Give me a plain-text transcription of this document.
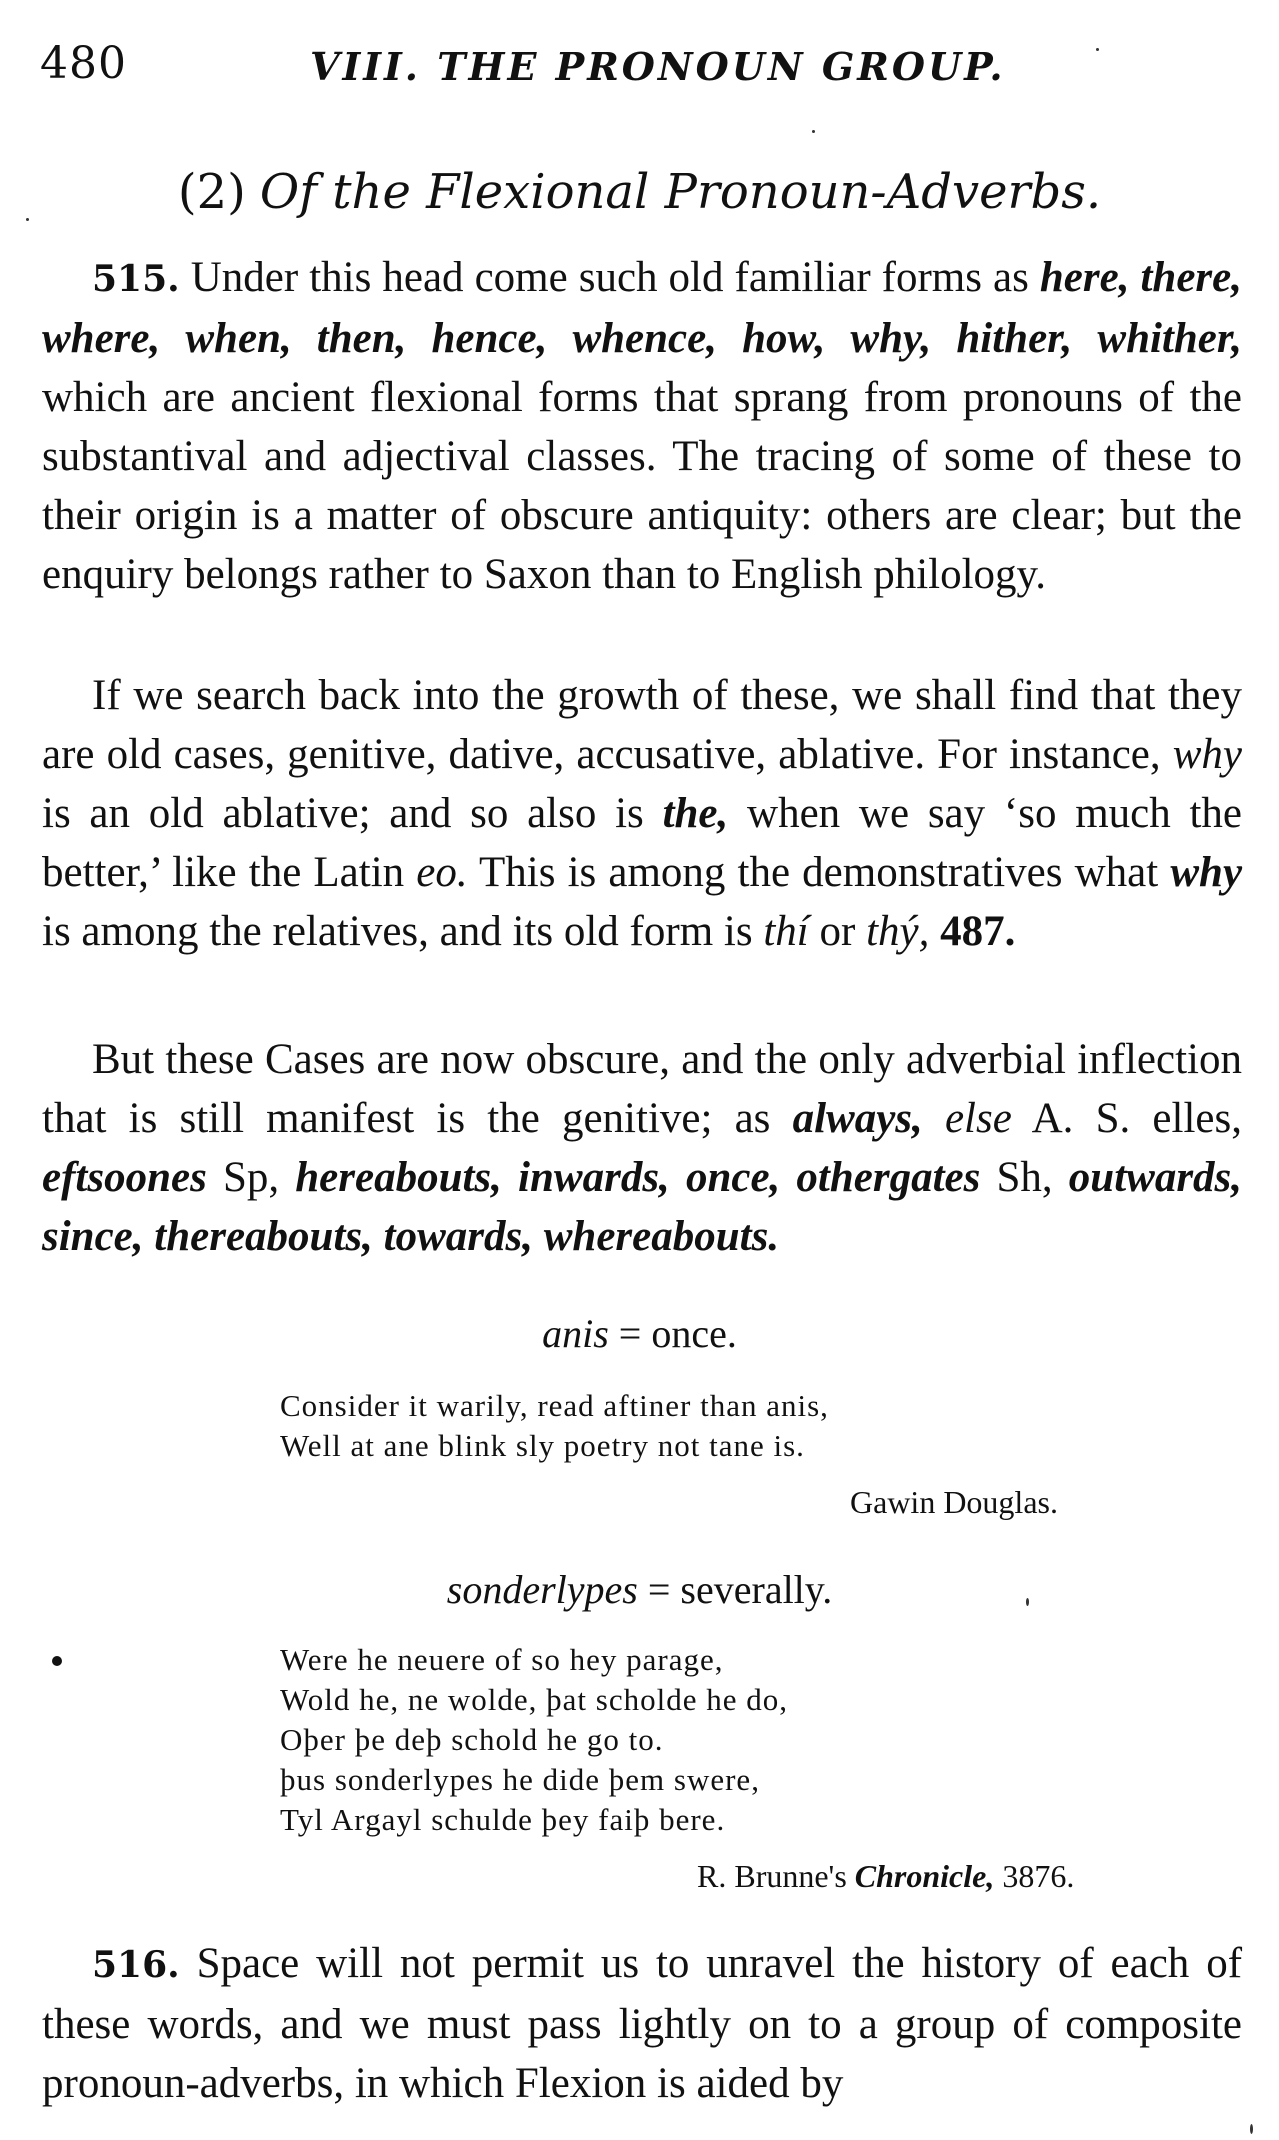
480	VIII. THE PRONOUN GROUP.
(2) Of the Flexional Pronoun-Adverbs.

515. Under this head come such old familiar forms as here, there, where, when, then, hence, whence, how, why, hither, whither, which are ancient flexional forms that sprang from pronouns of the substantival and adjectival classes. The tracing of some of these to their origin is a matter of obscure antiquity: others are clear; but the enquiry belongs rather to Saxon than to English philology.

If we search back into the growth of these, we shall find that they are old cases, genitive, dative, accusative, ablative. For instance, why is an old ablative; and so also is the, when we say ‘so much the better,’ like the Latin eo. This is among the demonstratives what why is among the relatives, and its old form is thí or thý, 487.

But these Cases are now obscure, and the only adverbial inflection that is still manifest is the genitive; as always, else A. S. elles, eftsoones Sp, hereabouts, inwards, once, othergates Sh, outwards, since, thereabouts, towards, whereabouts.

anis = once.
Consider it warily, read aftiner than anis,
Well at ane blink sly poetry not tane is.
Gawin Douglas.
sonderlypes = severally.
Were he neuere of so hey parage,
Wold he, ne wolde, þat scholde he do,
Oþer þe deþ schold he go to.
þus sonderlypes he dide þem swere,
Tyl Argayl schulde þey faiþ bere.
R. Brunne's Chronicle, 3876.

516. Space will not permit us to unravel the history of each of these words, and we must pass lightly on to a group of composite pronoun-adverbs, in which Flexion is aided by
